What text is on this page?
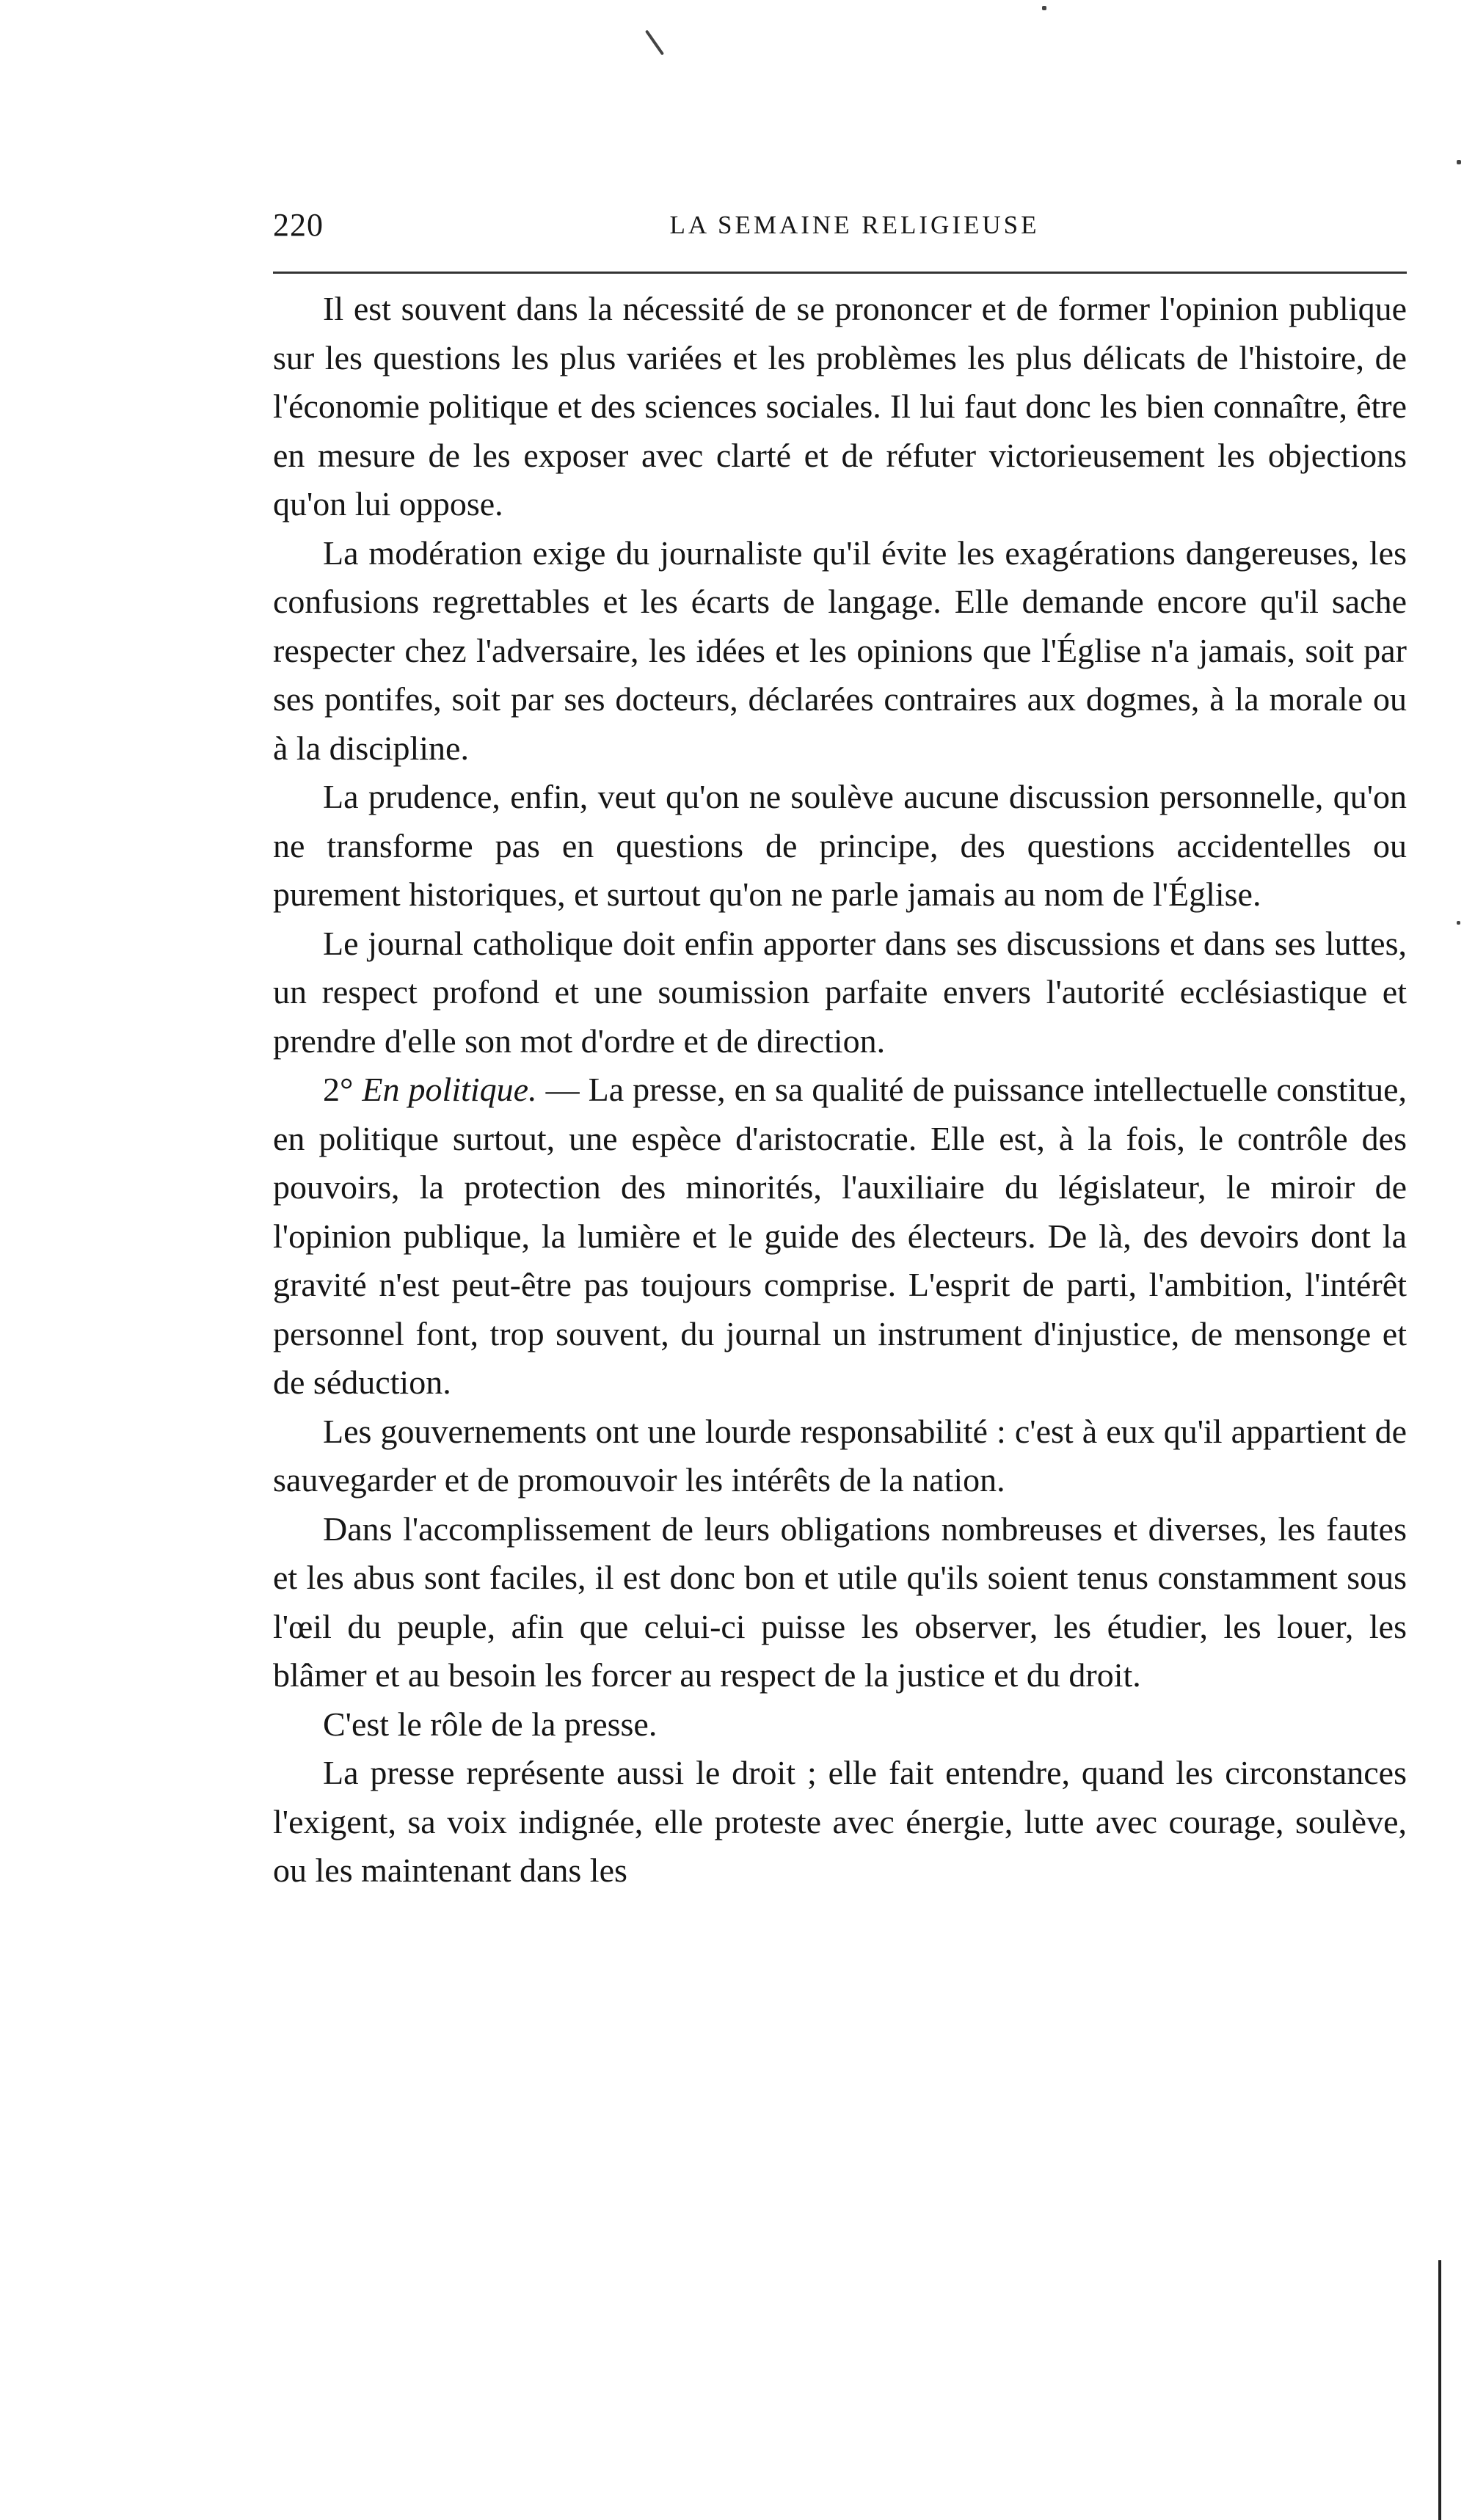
220	LA SEMAINE RELIGIEUSE

Il est souvent dans la nécessité de se prononcer et de former l'opinion publique sur les questions les plus variées et les problèmes les plus délicats de l'histoire, de l'économie politique et des sciences sociales. Il lui faut donc les bien connaître, être en mesure de les exposer avec clarté et de réfuter victorieusement les objections qu'on lui oppose.

La modération exige du journaliste qu'il évite les exagérations dangereuses, les confusions regrettables et les écarts de langage. Elle demande encore qu'il sache respecter chez l'adversaire, les idées et les opinions que l'Église n'a jamais, soit par ses pontifes, soit par ses docteurs, déclarées contraires aux dogmes, à la morale ou à la discipline.

La prudence, enfin, veut qu'on ne soulève aucune discussion personnelle, qu'on ne transforme pas en questions de principe, des questions accidentelles ou purement historiques, et surtout qu'on ne parle jamais au nom de l'Église.

Le journal catholique doit enfin apporter dans ses discussions et dans ses luttes, un respect profond et une soumission parfaite envers l'autorité ecclésiastique et prendre d'elle son mot d'ordre et de direction.

2° En politique. — La presse, en sa qualité de puissance intellectuelle constitue, en politique surtout, une espèce d'aristocratie. Elle est, à la fois, le contrôle des pouvoirs, la protection des minorités, l'auxiliaire du législateur, le miroir de l'opinion publique, la lumière et le guide des électeurs. De là, des devoirs dont la gravité n'est peut-être pas toujours comprise. L'esprit de parti, l'ambition, l'intérêt personnel font, trop souvent, du journal un instrument d'injustice, de mensonge et de séduction.

Les gouvernements ont une lourde responsabilité : c'est à eux qu'il appartient de sauvegarder et de promouvoir les intérêts de la nation.

Dans l'accomplissement de leurs obligations nombreuses et diverses, les fautes et les abus sont faciles, il est donc bon et utile qu'ils soient tenus constamment sous l'œil du peuple, afin que celui-ci puisse les observer, les étudier, les louer, les blâmer et au besoin les forcer au respect de la justice et du droit.

C'est le rôle de la presse.

La presse représente aussi le droit ; elle fait entendre, quand les circonstances l'exigent, sa voix indignée, elle proteste avec énergie, lutte avec courage, soulève, ou les maintenant dans les
